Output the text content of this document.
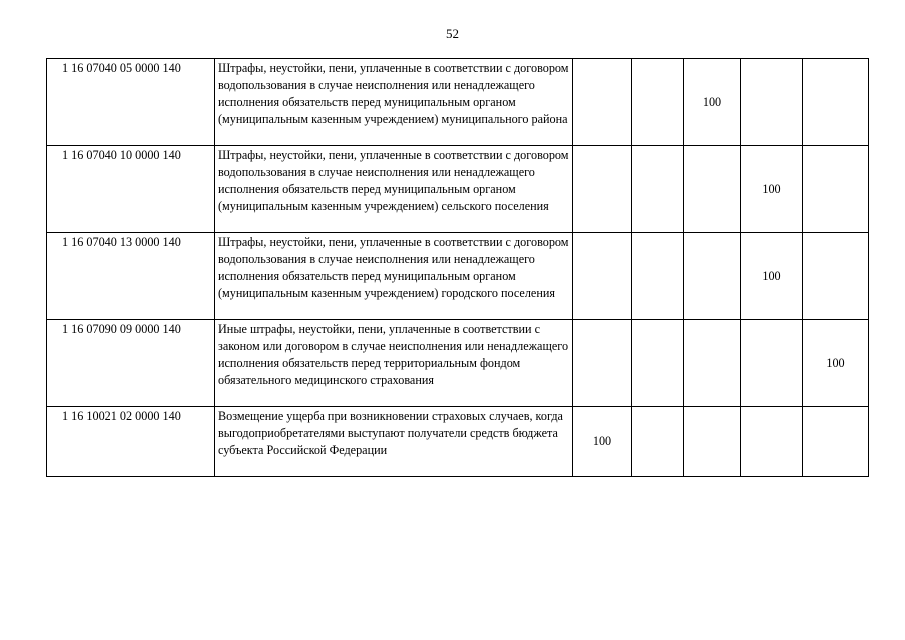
52
1 16 07040 05 0000 140	Штрафы, неустойки, пени, уплаченные в соответствии с договором водопользования в случае неисполнения или ненадлежащего исполнения обязательств перед муниципальным органом (муниципальным казенным учреждением) муниципального района			100		
1 16 07040 10 0000 140	Штрафы, неустойки, пени, уплаченные в соответствии с договором водопользования в случае неисполнения или ненадлежащего исполнения обязательств перед муниципальным органом (муниципальным казенным учреждением) сельского поселения				100	
1 16 07040 13 0000 140	Штрафы, неустойки, пени, уплаченные в соответствии с договором водопользования в случае неисполнения или ненадлежащего исполнения обязательств перед муниципальным органом (муниципальным казенным учреждением) городского поселения				100	
1 16 07090 09 0000 140	Иные штрафы, неустойки, пени, уплаченные в соответствии с законом или договором в случае неисполнения или ненадлежащего исполнения обязательств перед территориальным фондом обязательного медицинского страхования					100
1 16 10021 02 0000 140	Возмещение ущерба при возникновении страховых случаев, когда выгодоприобретателями выступают получатели средств бюджета субъекта Российской Федерации	100				
